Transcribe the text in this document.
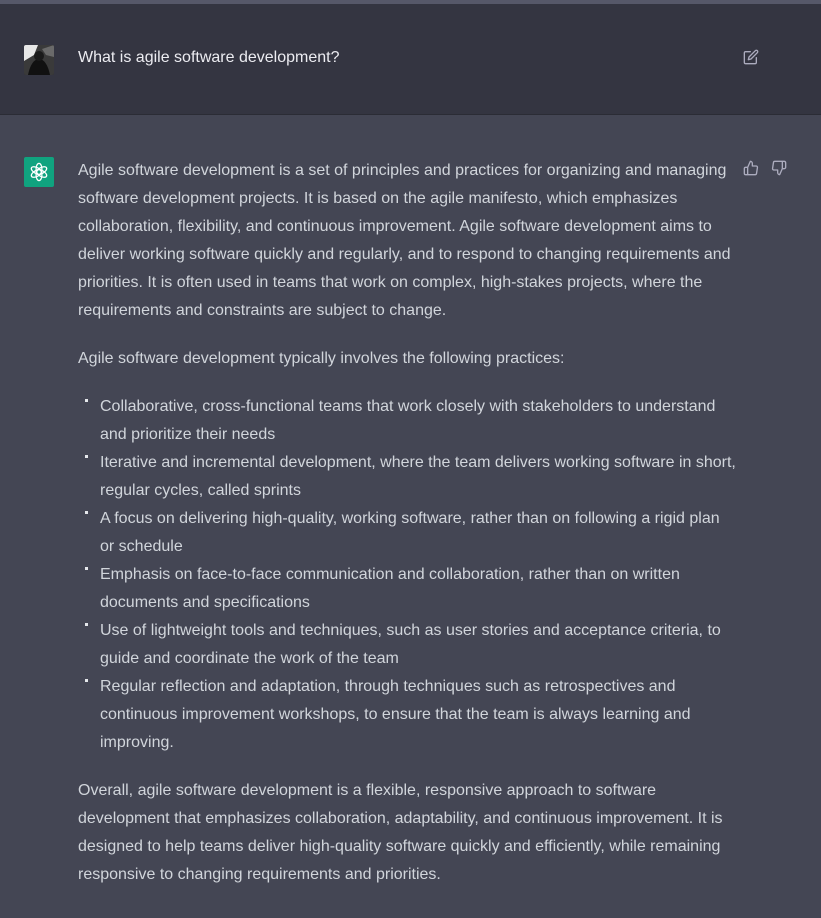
What is agile software development?

Agile software development is a set of principles and practices for organizing and managing software development projects. It is based on the agile manifesto, which emphasizes collaboration, flexibility, and continuous improvement. Agile software development aims to deliver working software quickly and regularly, and to respond to changing requirements and priorities. It is often used in teams that work on complex, high-stakes projects, where the requirements and constraints are subject to change.

Agile software development typically involves the following practices:

Collaborative, cross-functional teams that work closely with stakeholders to understand and prioritize their needs
Iterative and incremental development, where the team delivers working software in short, regular cycles, called sprints
A focus on delivering high-quality, working software, rather than on following a rigid plan or schedule
Emphasis on face-to-face communication and collaboration, rather than on written documents and specifications
Use of lightweight tools and techniques, such as user stories and acceptance criteria, to guide and coordinate the work of the team
Regular reflection and adaptation, through techniques such as retrospectives and continuous improvement workshops, to ensure that the team is always learning and improving.

Overall, agile software development is a flexible, responsive approach to software development that emphasizes collaboration, adaptability, and continuous improvement. It is designed to help teams deliver high-quality software quickly and efficiently, while remaining responsive to changing requirements and priorities.
